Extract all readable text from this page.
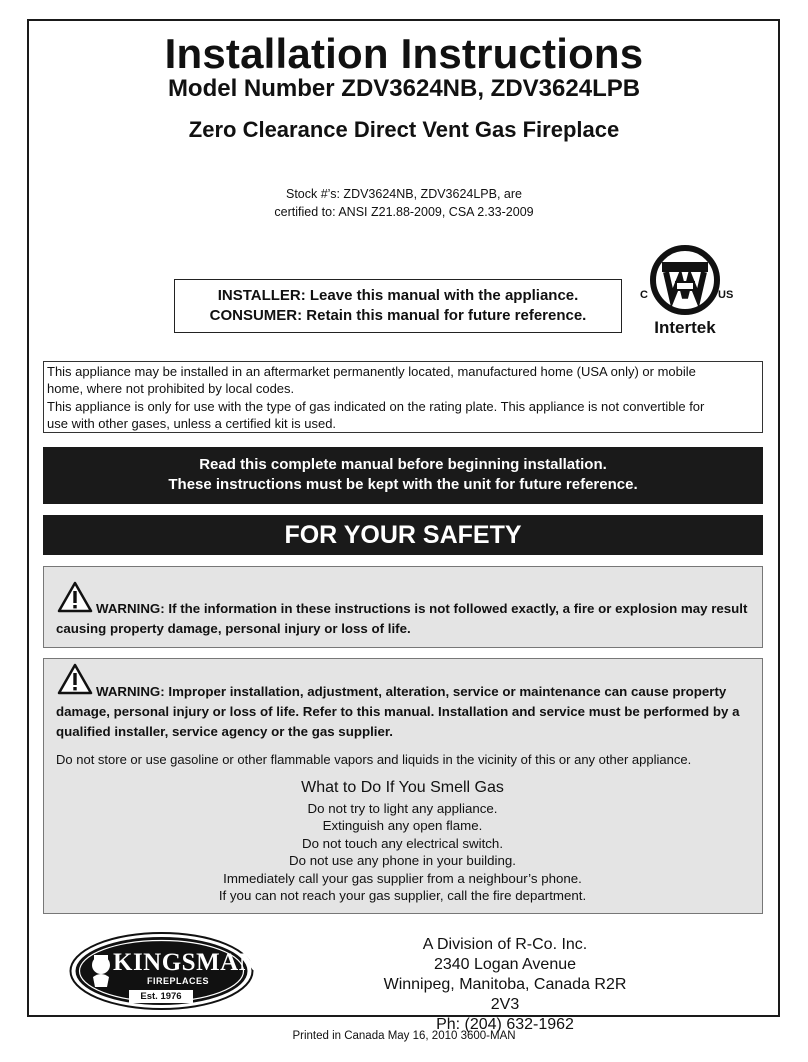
Installation Instructions
Model Number ZDV3624NB, ZDV3624LPB
Zero Clearance Direct Vent Gas Fireplace
Stock #’s: ZDV3624NB, ZDV3624LPB, are
certified to: ANSI Z21.88-2009, CSA 2.33-2009
INSTALLER: Leave this manual with the appliance.
CONSUMER: Retain this manual for future reference.
C	US
Intertek
This appliance may be installed in an aftermarket permanently located, manufactured home (USA only) or mobile
home, where not prohibited by local codes.
This appliance is only for use with the type of gas indicated on the rating plate. This appliance is not convertible for
use with other gases, unless a certified kit is used.
Read this complete manual before beginning installation.
These instructions must be kept with the unit for future reference.
FOR YOUR SAFETY
WARNING: If the information in these instructions is not followed exactly, a fire or explosion may result
causing property damage, personal injury or loss of life.
WARNING: Improper installation, adjustment, alteration, service or maintenance can cause property
damage, personal injury or loss of life. Refer to this manual. Installation and service must be performed by a
qualified installer, service agency or the gas supplier.
Do not store or use gasoline or other flammable vapors and liquids in the vicinity of this or any other appliance.
What to Do If You Smell Gas
Do not try to light any appliance.
Extinguish any open flame.
Do not touch any electrical switch.
Do not use any phone in your building.
Immediately call your gas supplier from a neighbour’s phone.
If you can not reach your gas supplier, call the fire department.
KINGSMAN
FIREPLACES
Est. 1976
A Division of R-Co. Inc.
2340 Logan Avenue
Winnipeg, Manitoba, Canada R2R 2V3
Ph: (204) 632-1962
Printed in Canada May 16, 2010 3600-MAN
